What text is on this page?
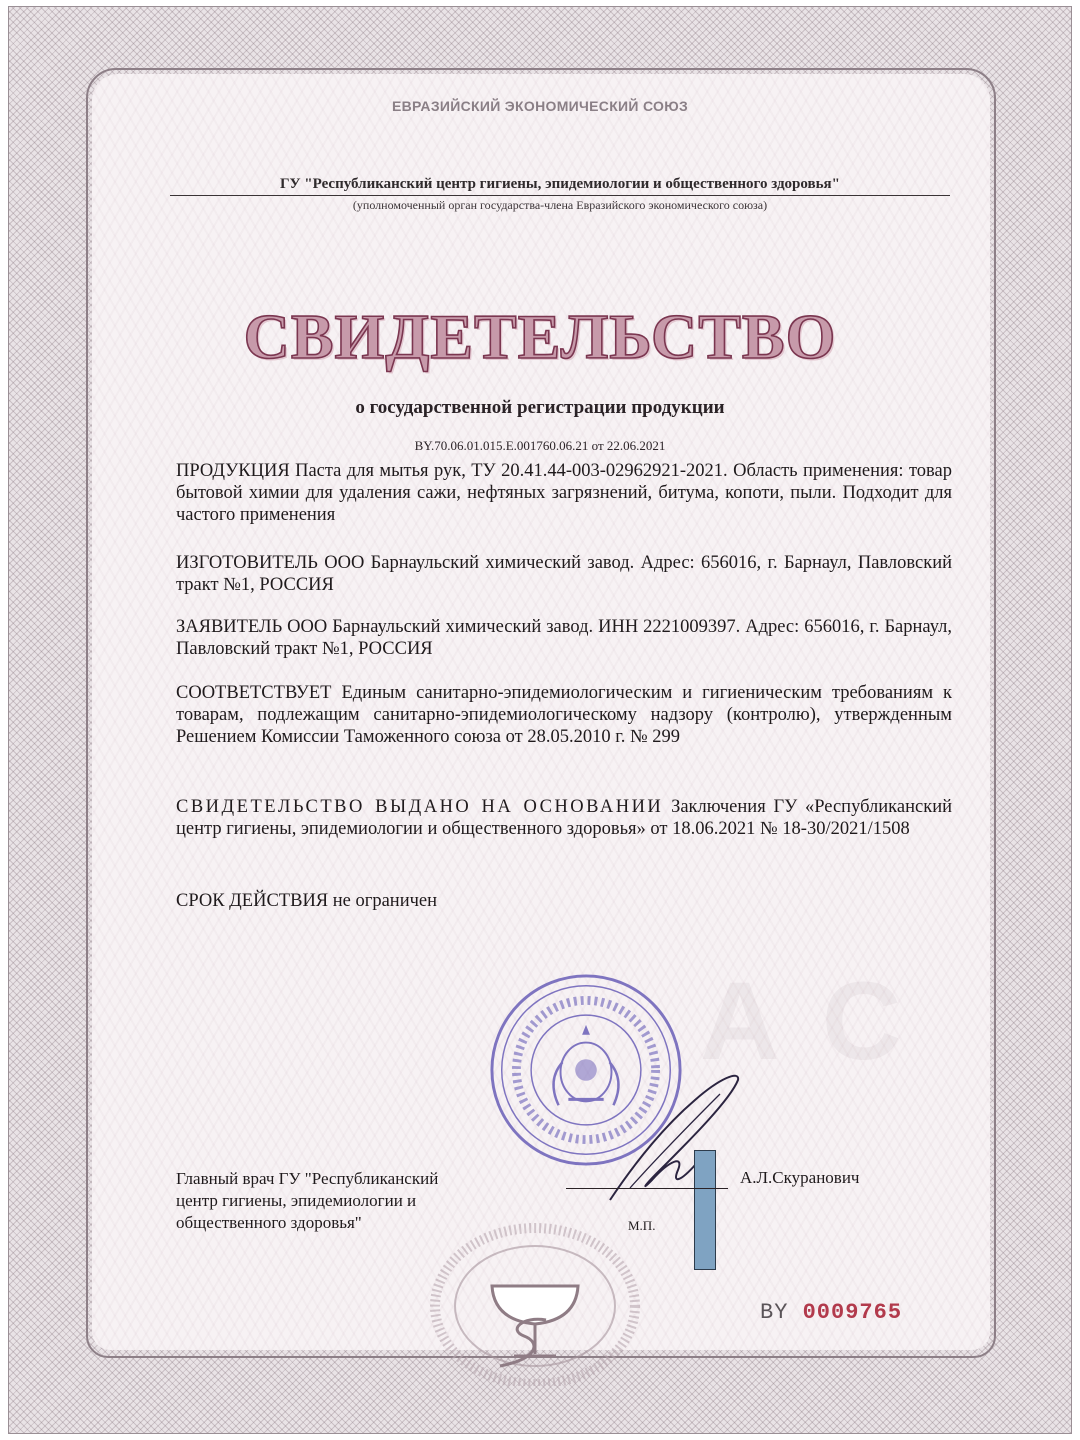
A C
ЕВРАЗИЙСКИЙ ЭКОНОМИЧЕСКИЙ СОЮЗ
ГУ "Республиканский центр гигиены, эпидемиологии и общественного здоровья"
(уполномоченный орган государства-члена Евразийского экономического союза)
СВИДЕТЕЛЬСТВО
о государственной регистрации продукции
BY.70.06.01.015.E.001760.06.21 от 22.06.2021
ПРОДУКЦИЯ Паста для мытья рук, ТУ 20.41.44-003-02962921-2021. Область применения: товар бытовой химии для удаления сажи, нефтяных загрязнений, битума, копоти, пыли. Подходит для частого применения
ИЗГОТОВИТЕЛЬ ООО Барнаульский химический завод. Адрес: 656016, г. Барнаул, Павловский тракт №1, РОССИЯ
ЗАЯВИТЕЛЬ ООО Барнаульский химический завод. ИНН 2221009397. Адрес: 656016, г. Барнаул, Павловский тракт №1, РОССИЯ
СООТВЕТСТВУЕТ Единым санитарно-эпидемиологическим и гигиеническим требованиям к товарам, подлежащим санитарно-эпидемиологическому надзору (контролю), утвержденным Решением Комиссии Таможенного союза от 28.05.2010 г. № 299
СВИДЕТЕЛЬСТВО ВЫДАНО НА ОСНОВАНИИ Заключения ГУ «Республиканский центр гигиены, эпидемиологии и общественного здоровья» от 18.06.2021 № 18-30/2021/1508
СРОК ДЕЙСТВИЯ не ограничен
Главный врач ГУ "Республиканский
центр гигиены, эпидемиологии и
общественного здоровья"
А.Л.Скуранович
М.П.
BY 0009765
